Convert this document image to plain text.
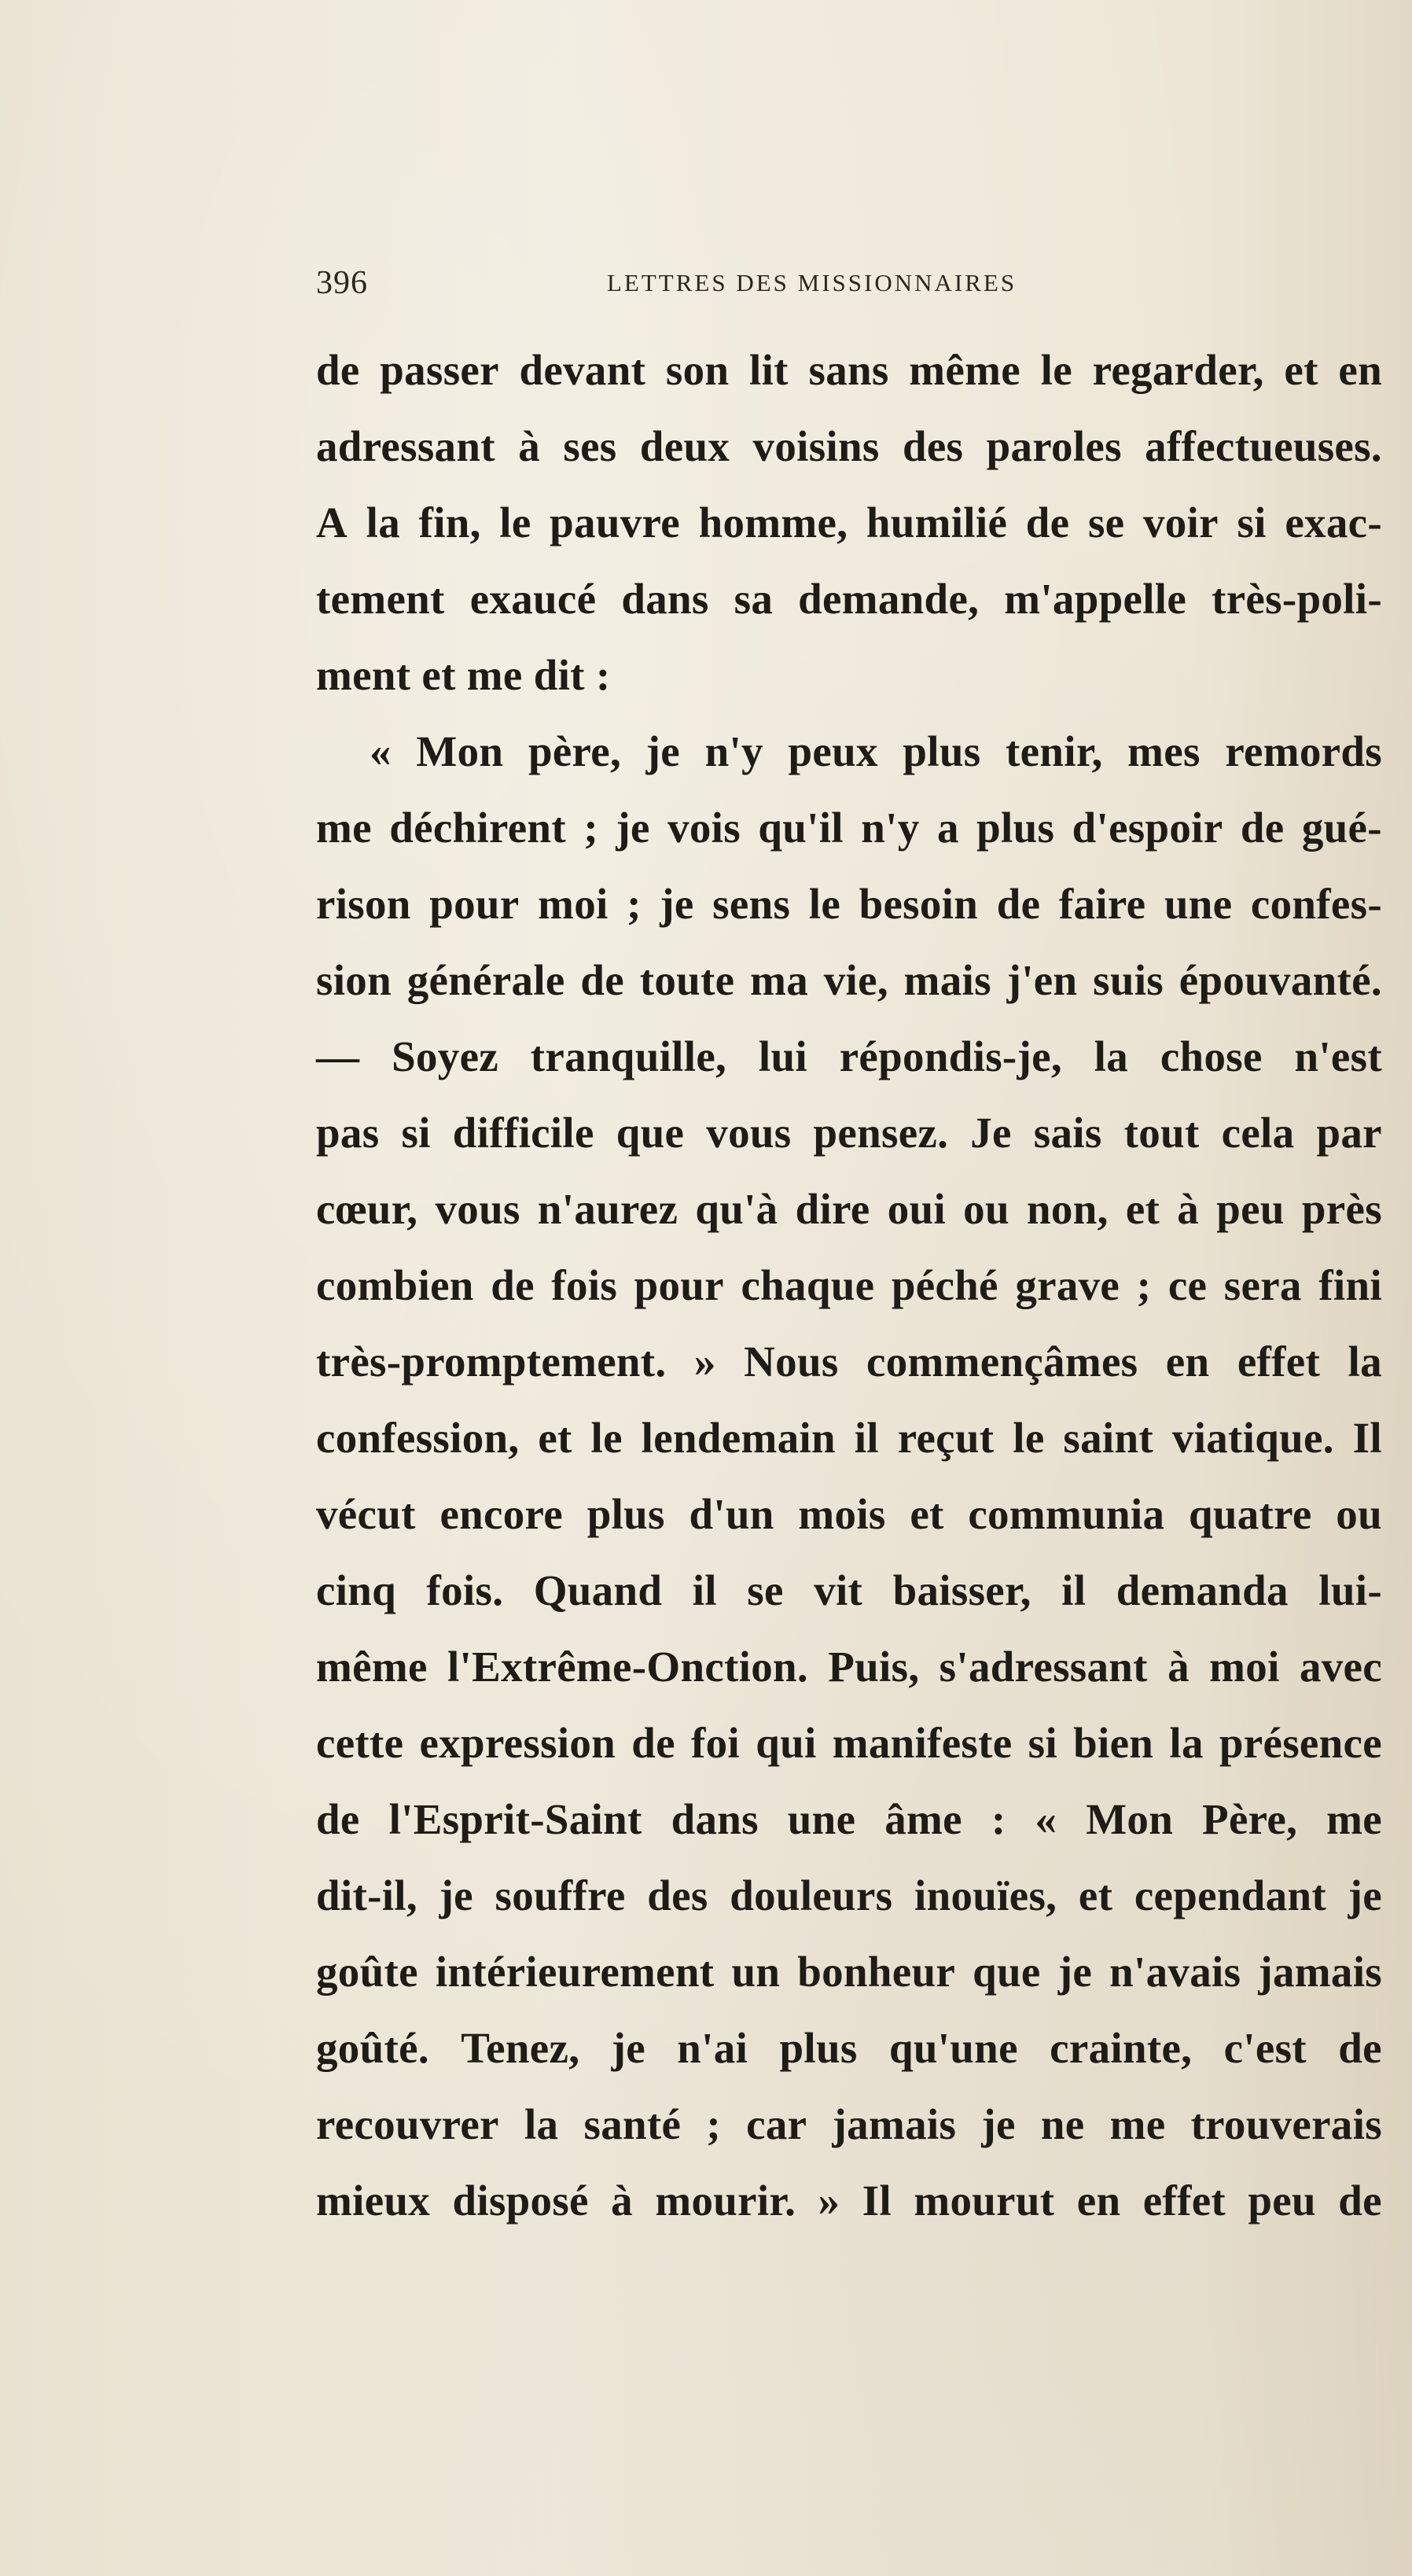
396	LETTRES DES MISSIONNAIRES
de passer devant son lit sans même le regarder, et en
adressant à ses deux voisins des paroles affectueuses.
A la fin, le pauvre homme, humilié de se voir si exac-
tement exaucé dans sa demande, m'appelle très-poli-
ment
et
me
dit
:
« Mon père, je n'y peux plus tenir, mes remords
me déchirent ; je vois qu'il n'y a plus d'espoir de gué-
rison pour moi ; je sens le besoin de faire une confes-
sion générale de toute ma vie, mais j'en suis épouvanté.
— Soyez tranquille, lui répondis-je, la chose n'est
pas si difficile que vous pensez. Je sais tout cela par
cœur, vous n'aurez qu'à dire oui ou non, et à peu près
combien de fois pour chaque péché grave ; ce sera fini
très-promptement. » Nous commençâmes en effet la
confession, et le lendemain il reçut le saint viatique. Il
vécut encore plus d'un mois et communia quatre ou
cinq fois. Quand il se vit baisser, il demanda lui-
même l'Extrême-Onction. Puis, s'adressant à moi avec
cette expression de foi qui manifeste si bien la présence
de l'Esprit-Saint dans une âme : « Mon Père, me
dit-il, je souffre des douleurs inouïes, et cependant je
goûte intérieurement un bonheur que je n'avais jamais
goûté. Tenez, je n'ai plus qu'une crainte, c'est de
recouvrer la santé ; car jamais je ne me trouverais
mieux disposé à mourir. » Il mourut en effet peu de
